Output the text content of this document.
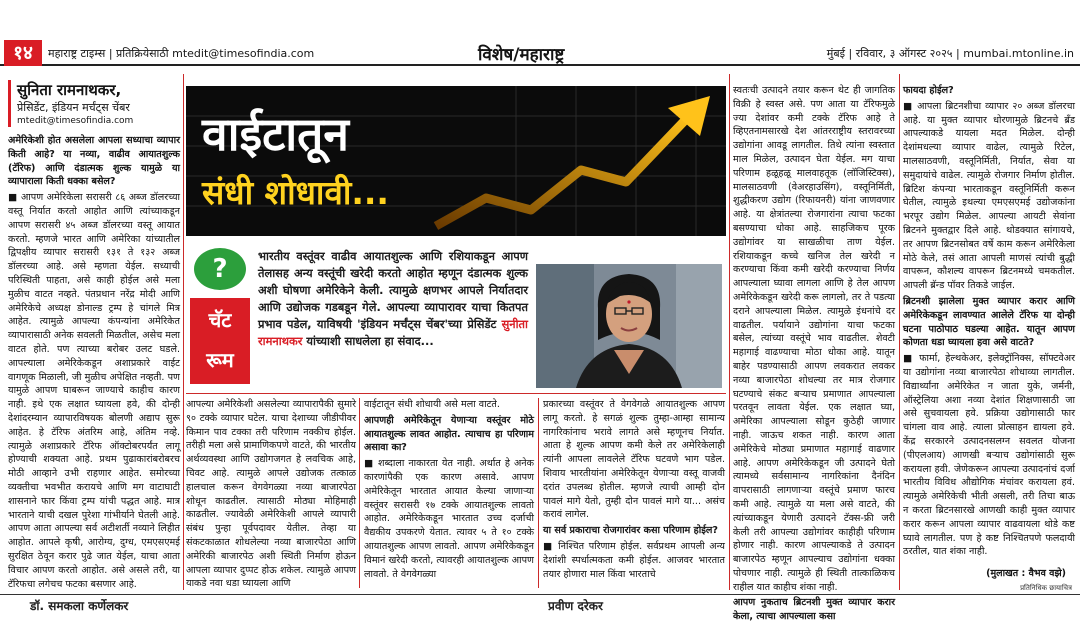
१४	महाराष्ट्र टाइम्स | प्रतिक्रियेसाठी mtedit@timesofindia.com	विशेष/महाराष्ट्र	मुंबई | रविवार, ३ ऑगस्ट २०२५ | mumbai.mtonline.in
सुनिता रामनाथकर,
प्रेसिडेंट, इंडियन मर्चंट्स चेंबर
mtedit@timesofindia.com

अमेरिकेशी होत असलेला आपला सध्याचा व्यापार किती आहे? या नव्या, वाढीव आयातशुल्क (टॅरिफ) आणि दंडात्मक शुल्क यामुळे या व्यापाराला किती धक्का बसेल?

■ आपण अमेरिकेला सरासरी ८६ अब्ज डॉलरच्या वस्तू निर्यात करतो आहोत आणि त्यांच्याकडून आपण सरासरी ४५ अब्ज डॉलरच्या वस्तू आयात करतो. म्हणजे भारत आणि अमेरिका यांच्यातील द्विपक्षीय व्यापार सरासरी १३१ ते १३२ अब्ज डॉलरच्या आहे. असे म्हणता येईल. सध्याची परिस्थिती पाहता, असे काही होईल असे मला मुळीच वाटत नव्हते. पंतप्रधान नरेंद्र मोदी आणि अमेरिकेचे अध्यक्ष डोनाल्ड ट्रम्प हे चांगले मित्र आहेत. त्यामुळे आपल्या कंपन्यांना अमेरिकेत व्यापारासाठी अनेक सवलती मिळतील, असेच मला वाटत होते. पण त्याच्या बरोबर उलट घडले. आपल्याला अमेरिकेकडून अशाप्रकारे वाईट वागणूक मिळाली, जी मुळीच अपेक्षित नव्हती. पण यामुळे आपण घाबरून जाण्याचे काहीच कारण नाही. इथे एक लक्षात घ्यायला हवे, की दोन्ही देशांदरम्यान व्यापारविषयक बोलणी अद्याप सुरू आहेत. हे टॅरिफ अंतरिम आहे, अंतिम नव्हे. त्यामुळे अशाप्रकारे टॅरिफ ऑक्टोबरपर्यंत लागू होण्याची शक्यता आहे. प्रथम पुढाकारांबरोबरच मोठी आव्हाने उभी राहणार आहेत. समोरच्या व्यक्तीचा भवभीत करायचे आणि मग वाटाघाटी शासनाने फार किंवा ट्रम्प यांची पद्धत आहे. मात्र भारताने याची दखल पुरेशा गांभीर्याने घेतली आहे. आपण आता आपल्या सर्व अटीशर्ती नव्याने लिहीत आहोत. आपले कृषी, आरोग्य, दुग्ध, एमएसएमई सुरक्षित ठेवून करार पुढे जात येईल, याचा आता विचार आपण करतो आहोत. असे असले तरी, या टॅरिफचा लगेचच फटका बसणार आहे.

वाईटातून
संधी शोधावी...
?
चॅट
रूम
भारतीय वस्तूंवर वाढीव आयातशुल्क आणि रशियाकडून आपण तेलासह अन्य वस्तूंची खरेदी करतो आहोत म्हणून दंडात्मक शुल्क अशी घोषणा अमेरिकेने केली. त्यामुळे क्षणभर आपले निर्यातदार आणि उद्योजक गडबडून गेले. आपल्या व्यापारावर याचा कितपत प्रभाव पडेल, याविषयी 'इंडियन मर्चंट्स चेंबर'च्या प्रेसिडेंट सुनीता रामनाथकर यांच्याशी साधलेला हा संवाद...

आपल्या अमेरिकेशी असलेल्या व्यापारापैकी सुमारे ९० टक्के व्यापार घटेल. याचा देशाच्या जीडीपीवर किमान पाव टक्का तरी परिणाम नक्कीच होईल. तरीही मला असे प्रामाणिकपणे वाटते, की भारतीय अर्थव्यवस्था आणि उद्योगजगत हे लवचिक आहे, चिवट आहे. त्यामुळे आपले उद्योजक तत्काळ हालचाल करून वेगवेगळ्या नव्या बाजारपेठा शोधून काढतील. त्यासाठी मोठ्या मोहिमाही काढतील. ज्यावेळी अमेरिकेशी आपले व्यापारी संबंध पुन्हा पूर्वपदावर येतील. तेव्हा या संकटकाळात शोधलेल्या नव्या बाजारपेठा आणि अमेरिकी बाजारपेठ अशी स्थिती निर्माण होऊन आपला व्यापार दुप्पट होऊ शकेल. त्यामुळे आपण याकडे नवा धडा घ्यायला आणि

वाईटातून संधी शोधायी असे मला वाटते.

आपणही अमेरिकेतून येणाऱ्या वस्तूंवर मोठे आयातशुल्क लावत आहोत. त्याचाच हा परिणाम असावा का?

■ शब्दाला नाकारता येत नाही. अर्थात हे अनेक कारणांपैकी एक कारण असावे. आपण अमेरिकेतून भारतात आयात केल्या जाणाऱ्या वस्तूंवर सरासरी १७ टक्के आयातशुल्क लावतो आहोत. अमेरिकेकडून भारतात उच्च दर्जाची वैद्यकीय उपकरणे येतात. त्यावर ५ ते १० टक्के आयातशुल्क आपण लावतो. आपण अमेरिकेकडून विमानं खरेदी करतो, त्यावरही आयातशुल्क आपण लावतो. ते वेगवेगळ्या

प्रकारच्या वस्तूंवर ते वेगवेगळे आयातशुल्क आपण लागू करतो. हे सगळं शुल्क तुम्हा-आम्हा सामान्य नागरिकांनाच भरावे लागते असे म्हणूनच निर्यात. आता हे शुल्क आपण कमी केले तर अमेरिकेलाही त्यांनी आपला लावलेले टॅरिफ घटवणे भाग पडेल. शिवाय भारतीयांना अमेरिकेतून येणाऱ्या वस्तू वाजवी दरांत उपलब्ध होतील. म्हणजे त्याची आम्ही दोन पावलं मागे येतो, तुम्ही दोन पावलं मागे या... असंच करावं लागेल.

या सर्व प्रकाराचा रोजगारांवर कसा परिणाम होईल?

■ निश्चित परिणाम होईल. सर्वप्रथम आपली अन्य देशांशी स्पर्धात्मकता कमी होईल. आजवर भारतात तयार होणारा माल किंवा भारताचे

स्वतःची उत्पादने तयार करून थेट ही जागतिक विक्री हे स्वस्त असे. पण आता या टॅरिफमुळे ज्या देशांवर कमी टक्के टॅरिफ आहे ते व्हिएतनामसारखे देश आंतरराष्ट्रीय स्तरावरच्या उद्योगांना आवडू लागतील. तिथे त्यांना स्वस्तात माल मिळेल, उत्पादन घेता येईल. मग याचा परिणाम हळूहळू मालवाहतूक (लॉजिस्टिक्स), मालसाठवणी (वेअरहाउसिंग), वस्तूनिर्मिती, शुद्धीकरण उद्योग (रिफायनरी) यांना जाणवणार आहे. या क्षेत्रांतल्या रोजगारांना त्याचा फटका बसण्याचा धोका आहे. साहजिकच पूरक उद्योगांवर या साखळीचा ताण येईल. रशियाकडून कच्चे खनिज तेल खरेदी न करण्याचा किंवा कमी खरेदी करण्याचा निर्णय आपल्याला घ्यावा लागला आणि हे तेल आपण अमेरिकेकडून खरेदी करू लागलो, तर ते पडत्या दराने आपल्याला मिळेल. त्यामुळे इंधनांचे दर वाढतील. पर्यायाने उद्योगांना याचा फटका बसेल, त्यांच्या वस्तूंचे भाव वाढतील. शेवटी महागाई वाढण्याचा मोठा धोका आहे. यातून बाहेर पडण्यासाठी आपण लवकरात लवकर नव्या बाजारपेठा शोधल्या तर मात्र रोजगार घटण्याचे संकट बऱ्याच प्रमाणात आपल्याला परतवून लावता येईल. एक लक्षात घ्या, अमेरिका आपल्याला सोडून कुठेही जाणार नाही. जाऊच शकत नाही. कारण आता अमेरिकेचे मोठ्या प्रमाणात महागाई वाढणार आहे. आपण अमेरिकेकडून जी उत्पादने घेतो त्यामध्ये सर्वसामान्य नागरिकांना दैनंदिन वापरासाठी लागणाऱ्या वस्तूंचे प्रमाण फारच कमी आहे. त्यामुळे या मला असे वाटते, की त्यांच्याकडून येणारी उत्पादने टॅक्स-फ्री जरी केली तरी आपल्या उद्योगांवर काहीही परिणाम होणार नाही. कारण आपल्याकडे ते उत्पादन बाजारपेठ म्हणून आपल्याच उद्योगांना धक्का पोचणार नाही. त्यामुळे ही स्थिती तात्काळिकच राहील यात काहीच शंका नाही.

आपण नुकताच ब्रिटनशी मुक्त व्यापार करार केला, त्याचा आपल्याला कसा

फायदा होईल?

■ आपला ब्रिटनशीचा व्यापार २० अब्ज डॉलरचा आहे. या मुक्त व्यापार धोरणामुळे ब्रिटनचे ब्रँड आपल्याकडे यायला मदत मिळेल. दोन्ही देशांमधल्या व्यापार वाढेल, त्यामुळे रिटेल, मालसाठवणी, वस्तूनिर्मिती, निर्यात, सेवा या समुदायांचे वाढेल. त्यामुळे रोजगार निर्माण होतील. ब्रिटिश कंपन्या भारताकडून वस्तूनिर्मिती करून घेतील, त्यामुळे इथल्या एमएसएमई उद्योजकांना भरपूर उद्योग मिळेल. आपल्या आयटी सेवांना ब्रिटनने मुक्तद्वार दिले आहे. थोडक्यात सांगायचे, तर आपण ब्रिटनसोबत वर्षे काम करून अमेरिकेला मोठे केले, तसं आता आपली माणसं त्यांची बुद्धी वापरून, कौशल्य वापरून ब्रिटनमध्ये चमकतील. आपली ब्रॅन्ड पॉवर तिकडे जाईल.

ब्रिटनशी झालेला मुक्त व्यापार करार आणि अमेरिकेकडून लावण्यात आलेले टॅरिफ या दोन्ही घटना पाठोपाठ घडल्या आहेत. यातून आपण कोणता धडा घ्यायला हवा असे वाटते?

■ फार्मा, हेल्थकेअर, इलेक्ट्रॉनिक्स, सॉफ्टवेअर या उद्योगांना नव्या बाजारपेठा शोधाव्या लागतील. विद्यार्थ्यांना अमेरिकेत न जाता युके, जर्मनी, ऑस्ट्रेलिया अशा नव्या देशांत शिक्षणासाठी जा असे सुचवायला हवे. प्रक्रिया उद्योगासाठी फार चांगला वाव आहे. त्याला प्रोत्साहन द्यायला हवे. केंद्र सरकारने उत्पादनसलग्न सवलत योजना (पीएलआय) आणखी बऱ्याच उद्योगांसाठी सुरू करायला हवी. जेणेकरून आपल्या उत्पादनांचं दर्जा भारतीय विविध औद्योगिक मंचांवर करायला हवं. त्यामुळे अमेरिकेची भीती असली, तरी तिचा बाऊ न करता ब्रिटनसारखे आणखी काही मुक्त व्यापार करार करून आपला व्यापार वाढवायला थोडे कष्ट घ्यावे लागतील. पण हे कष्ट निश्चितपणे फलदायी ठरतील, यात शंका नाही.

(मुलाखत : वैभव वझे)
प्रतिनिधिक छायाचित्र
डॉ. समकला कर्णेलकर	प्रवीण दरेकर
